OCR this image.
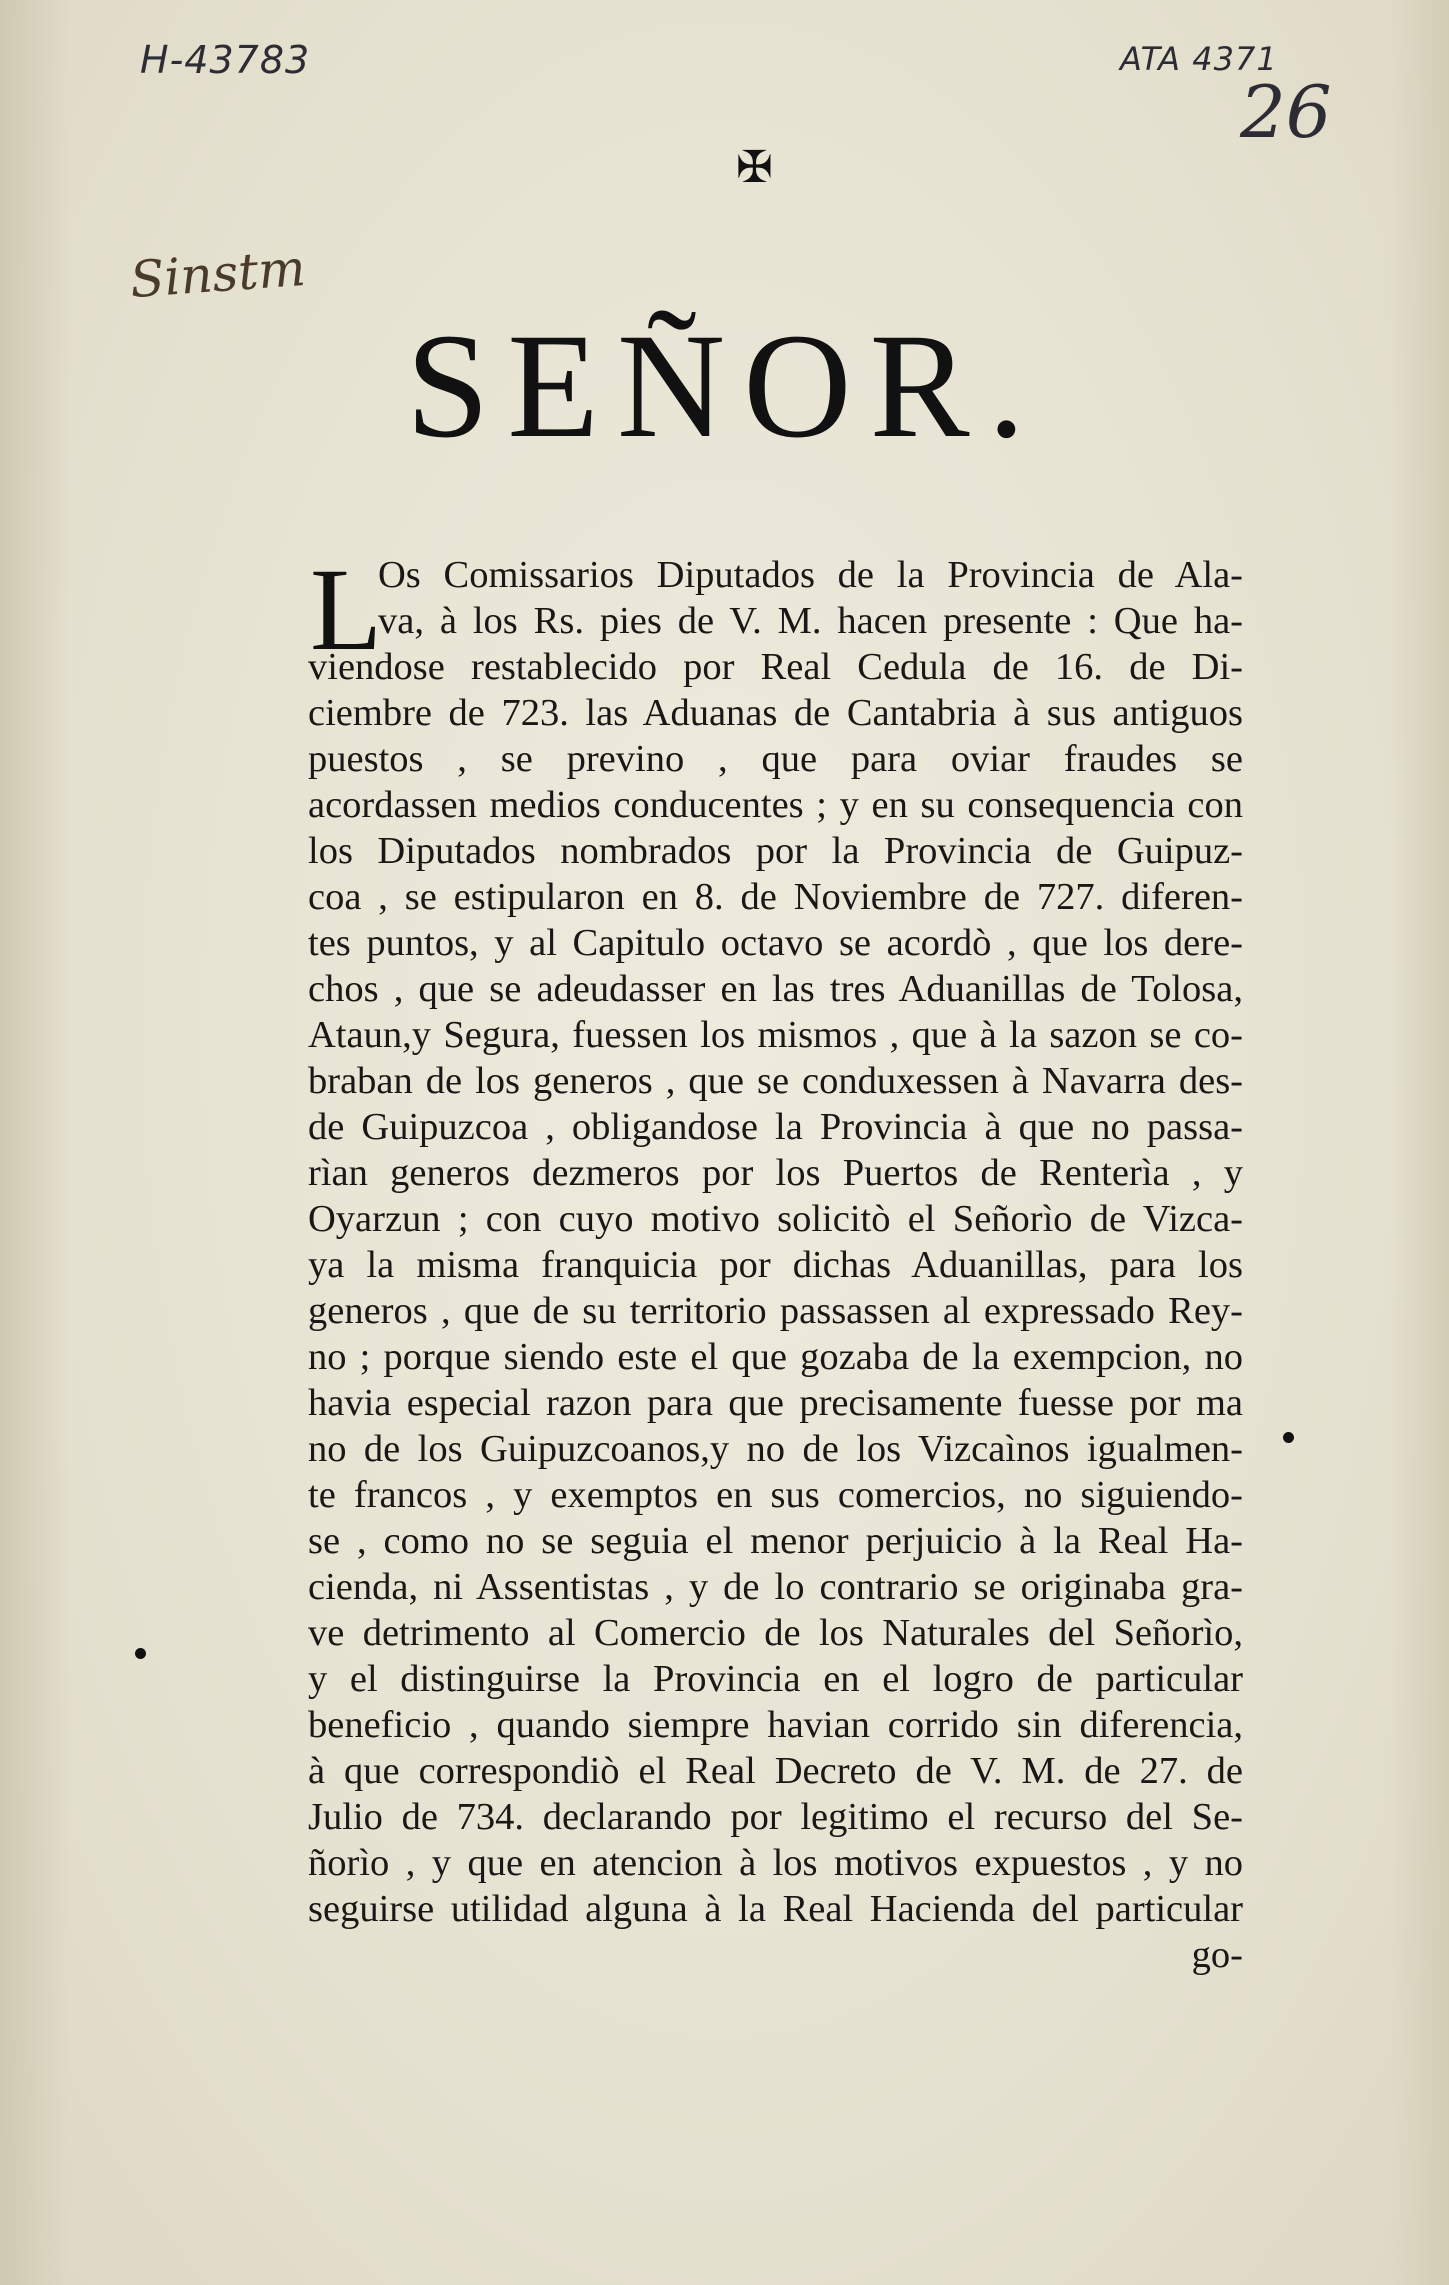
H-43783	ATA 4371
26
Sinstm
✠
SEÑOR.
L
Os Comissarios Diputados de la Provincia de Ala-
va, à los Rs. pies de V. M. hacen presente : Que ha-
viendose restablecido por Real Cedula de 16. de Di-
ciembre de 723. las Aduanas de Cantabria à sus antiguos
puestos , se previno , que para oviar fraudes se
acordassen medios conducentes ; y en su consequencia con
los Diputados nombrados por la Provincia de Guipuz-
coa , se estipularon en 8. de Noviembre de 727. diferen-
tes puntos, y al Capitulo octavo se acordò , que los dere-
chos , que se adeudasser en las tres Aduanillas de Tolosa,
Ataun,y Segura, fuessen los mismos , que à la sazon se co-
braban de los generos , que se conduxessen à Navarra des-
de Guipuzcoa , obligandose la Provincia à que no passa-
rìan generos dezmeros por los Puertos de Renterìa , y
Oyarzun ; con cuyo motivo solicitò el Señorìo de Vizca-
ya la misma franquicia por dichas Aduanillas, para los
generos , que de su territorio passassen al expressado Rey-
no ; porque siendo este el que gozaba de la exempcion, no
havia especial razon para que precisamente fuesse por ma
no de los Guipuzcoanos,y no de los Vizcaìnos igualmen-
te francos , y exemptos en sus comercios, no siguiendo-
se , como no se seguia el menor perjuicio à la Real Ha-
cienda, ni Assentistas , y de lo contrario se originaba gra-
ve detrimento al Comercio de los Naturales del Señorìo,
y el distinguirse la Provincia en el logro de particular
beneficio , quando siempre havian corrido sin diferencia,
à que correspondiò el Real Decreto de V. M. de 27. de
Julio de 734. declarando por legitimo el recurso del Se-
ñorìo , y que en atencion à los motivos expuestos , y no
seguirse utilidad alguna à la Real Hacienda del particular
go-
